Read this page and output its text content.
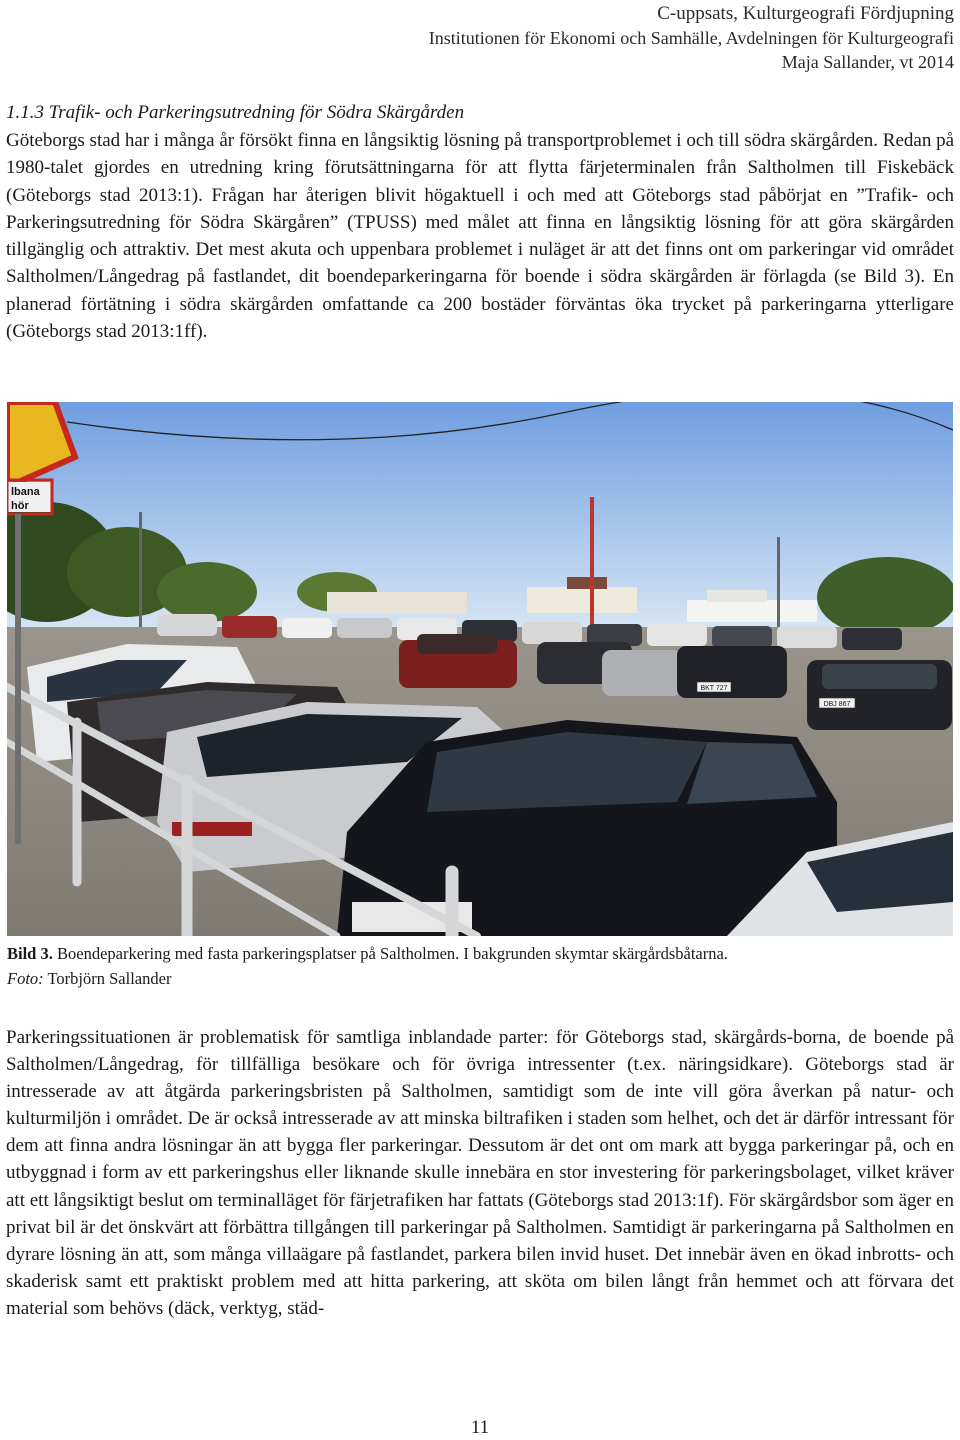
C-uppsats, Kulturgeografi Fördjupning
Institutionen för Ekonomi och Samhälle, Avdelningen för Kulturgeografi
Maja Sallander, vt 2014
1.1.3 Trafik- och Parkeringsutredning för Södra Skärgården
Göteborgs stad har i många år försökt finna en långsiktig lösning på transportproblemet i och till södra skärgården. Redan på 1980-talet gjordes en utredning kring förutsättningarna för att flytta färjeterminalen från Saltholmen till Fiskebäck (Göteborgs stad 2013:1). Frågan har återigen blivit högaktuell i och med att Göteborgs stad påbörjat en ”Trafik- och Parkeringsutredning för Södra Skärgåren” (TPUSS) med målet att finna en långsiktig lösning för att göra skärgården tillgänglig och attraktiv. Det mest akuta och uppenbara problemet i nuläget är att det finns ont om parkeringar vid området Saltholmen/Långedrag på fastlandet, dit boendeparkeringarna för boende i södra skärgården är förlagda (se Bild 3). En planerad förtätning i södra skärgården omfattande ca 200 bostäder förväntas öka trycket på parkeringarna ytterligare (Göteborgs stad 2013:1ff).
BKT 727
DBJ 867
lbana
hör
Bild 3. Boendeparkering med fasta parkeringsplatser på Saltholmen. I bakgrunden skymtar skärgårdsbåtarna.
Foto: Torbjörn Sallander
Parkeringssituationen är problematisk för samtliga inblandade parter: för Göteborgs stad, skärgårds-borna, de boende på Saltholmen/Långedrag, för tillfälliga besökare och för övriga intressenter (t.ex. näringsidkare). Göteborgs stad är intresserade av att åtgärda parkeringsbristen på Saltholmen, samtidigt som de inte vill göra åverkan på natur- och kulturmiljön i området. De är också intresserade av att minska biltrafiken i staden som helhet, och det är därför intressant för dem att finna andra lösningar än att bygga fler parkeringar. Dessutom är det ont om mark att bygga parkeringar på, och en utbyggnad i form av ett parkeringshus eller liknande skulle innebära en stor investering för parkeringsbolaget, vilket kräver att ett långsiktigt beslut om terminalläget för färjetrafiken har fattats (Göteborgs stad 2013:1f). För skärgårdsbor som äger en privat bil är det önskvärt att förbättra tillgången till parkeringar på Saltholmen. Samtidigt är parkeringarna på Saltholmen en dyrare lösning än att, som många villaägare på fastlandet, parkera bilen invid huset. Det innebär även en ökad inbrotts- och skaderisk samt ett praktiskt problem med att hitta parkering, att sköta om bilen långt från hemmet och att förvara det material som behövs (däck, verktyg, städ-
11
